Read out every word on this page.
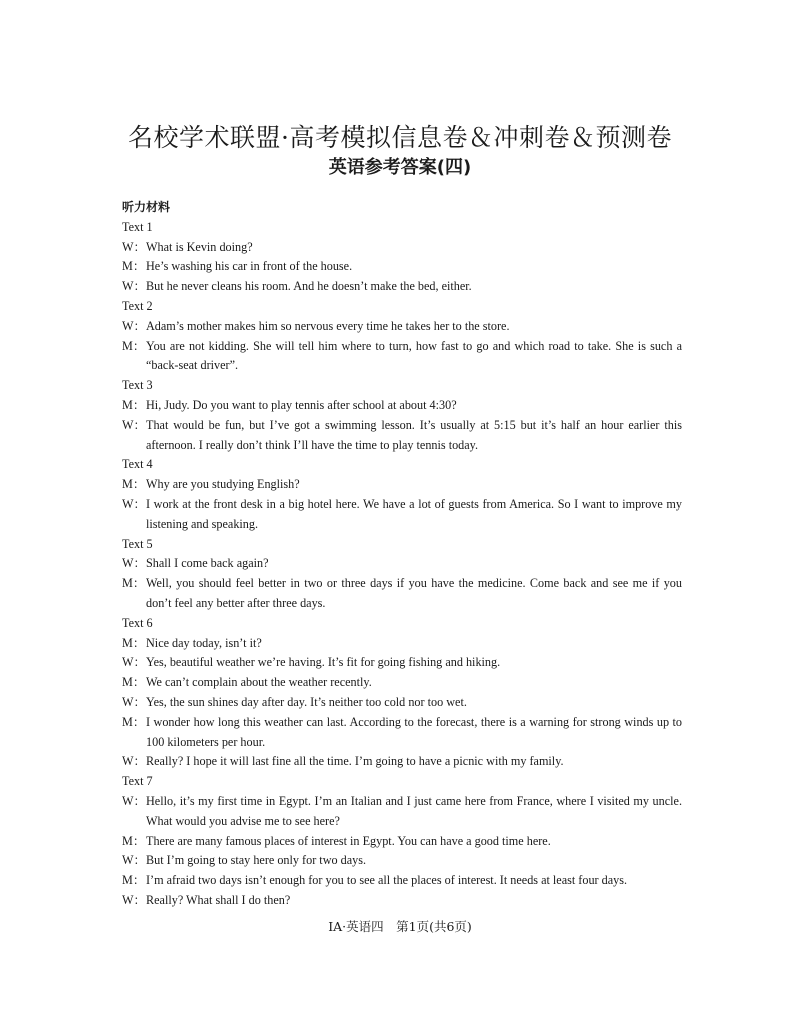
名校学术联盟·高考模拟信息卷＆冲刺卷＆预测卷
英语参考答案(四)
听力材料
Text 1
W：What is Kevin doing?
M：He’s washing his car in front of the house.
W：But he never cleans his room. And he doesn’t make the bed, either.
Text 2
W：Adam’s mother makes him so nervous every time he takes her to the store.
M：You are not kidding. She will tell him where to turn, how fast to go and which road to take. She is such a “back-seat driver”.
Text 3
M：Hi, Judy. Do you want to play tennis after school at about 4:30?
W：That would be fun, but I’ve got a swimming lesson. It’s usually at 5:15 but it’s half an hour earlier this afternoon. I really don’t think I’ll have the time to play tennis today.
Text 4
M：Why are you studying English?
W：I work at the front desk in a big hotel here. We have a lot of guests from America. So I want to improve my listening and speaking.
Text 5
W：Shall I come back again?
M：Well, you should feel better in two or three days if you have the medicine. Come back and see me if you don’t feel any better after three days.
Text 6
M：Nice day today, isn’t it?
W：Yes, beautiful weather we’re having. It’s fit for going fishing and hiking.
M：We can’t complain about the weather recently.
W：Yes, the sun shines day after day. It’s neither too cold nor too wet.
M：I wonder how long this weather can last. According to the forecast, there is a warning for strong winds up to 100 kilometers per hour.
W：Really? I hope it will last fine all the time. I’m going to have a picnic with my family.
Text 7
W：Hello, it’s my first time in Egypt. I’m an Italian and I just came here from France, where I visited my uncle. What would you advise me to see here?
M：There are many famous places of interest in Egypt. You can have a good time here.
W：But I’m going to stay here only for two days.
M：I’m afraid two days isn’t enough for you to see all the places of interest. It needs at least four days.
W：Really? What shall I do then?
ⅠA·英语四　第1页(共6页)
